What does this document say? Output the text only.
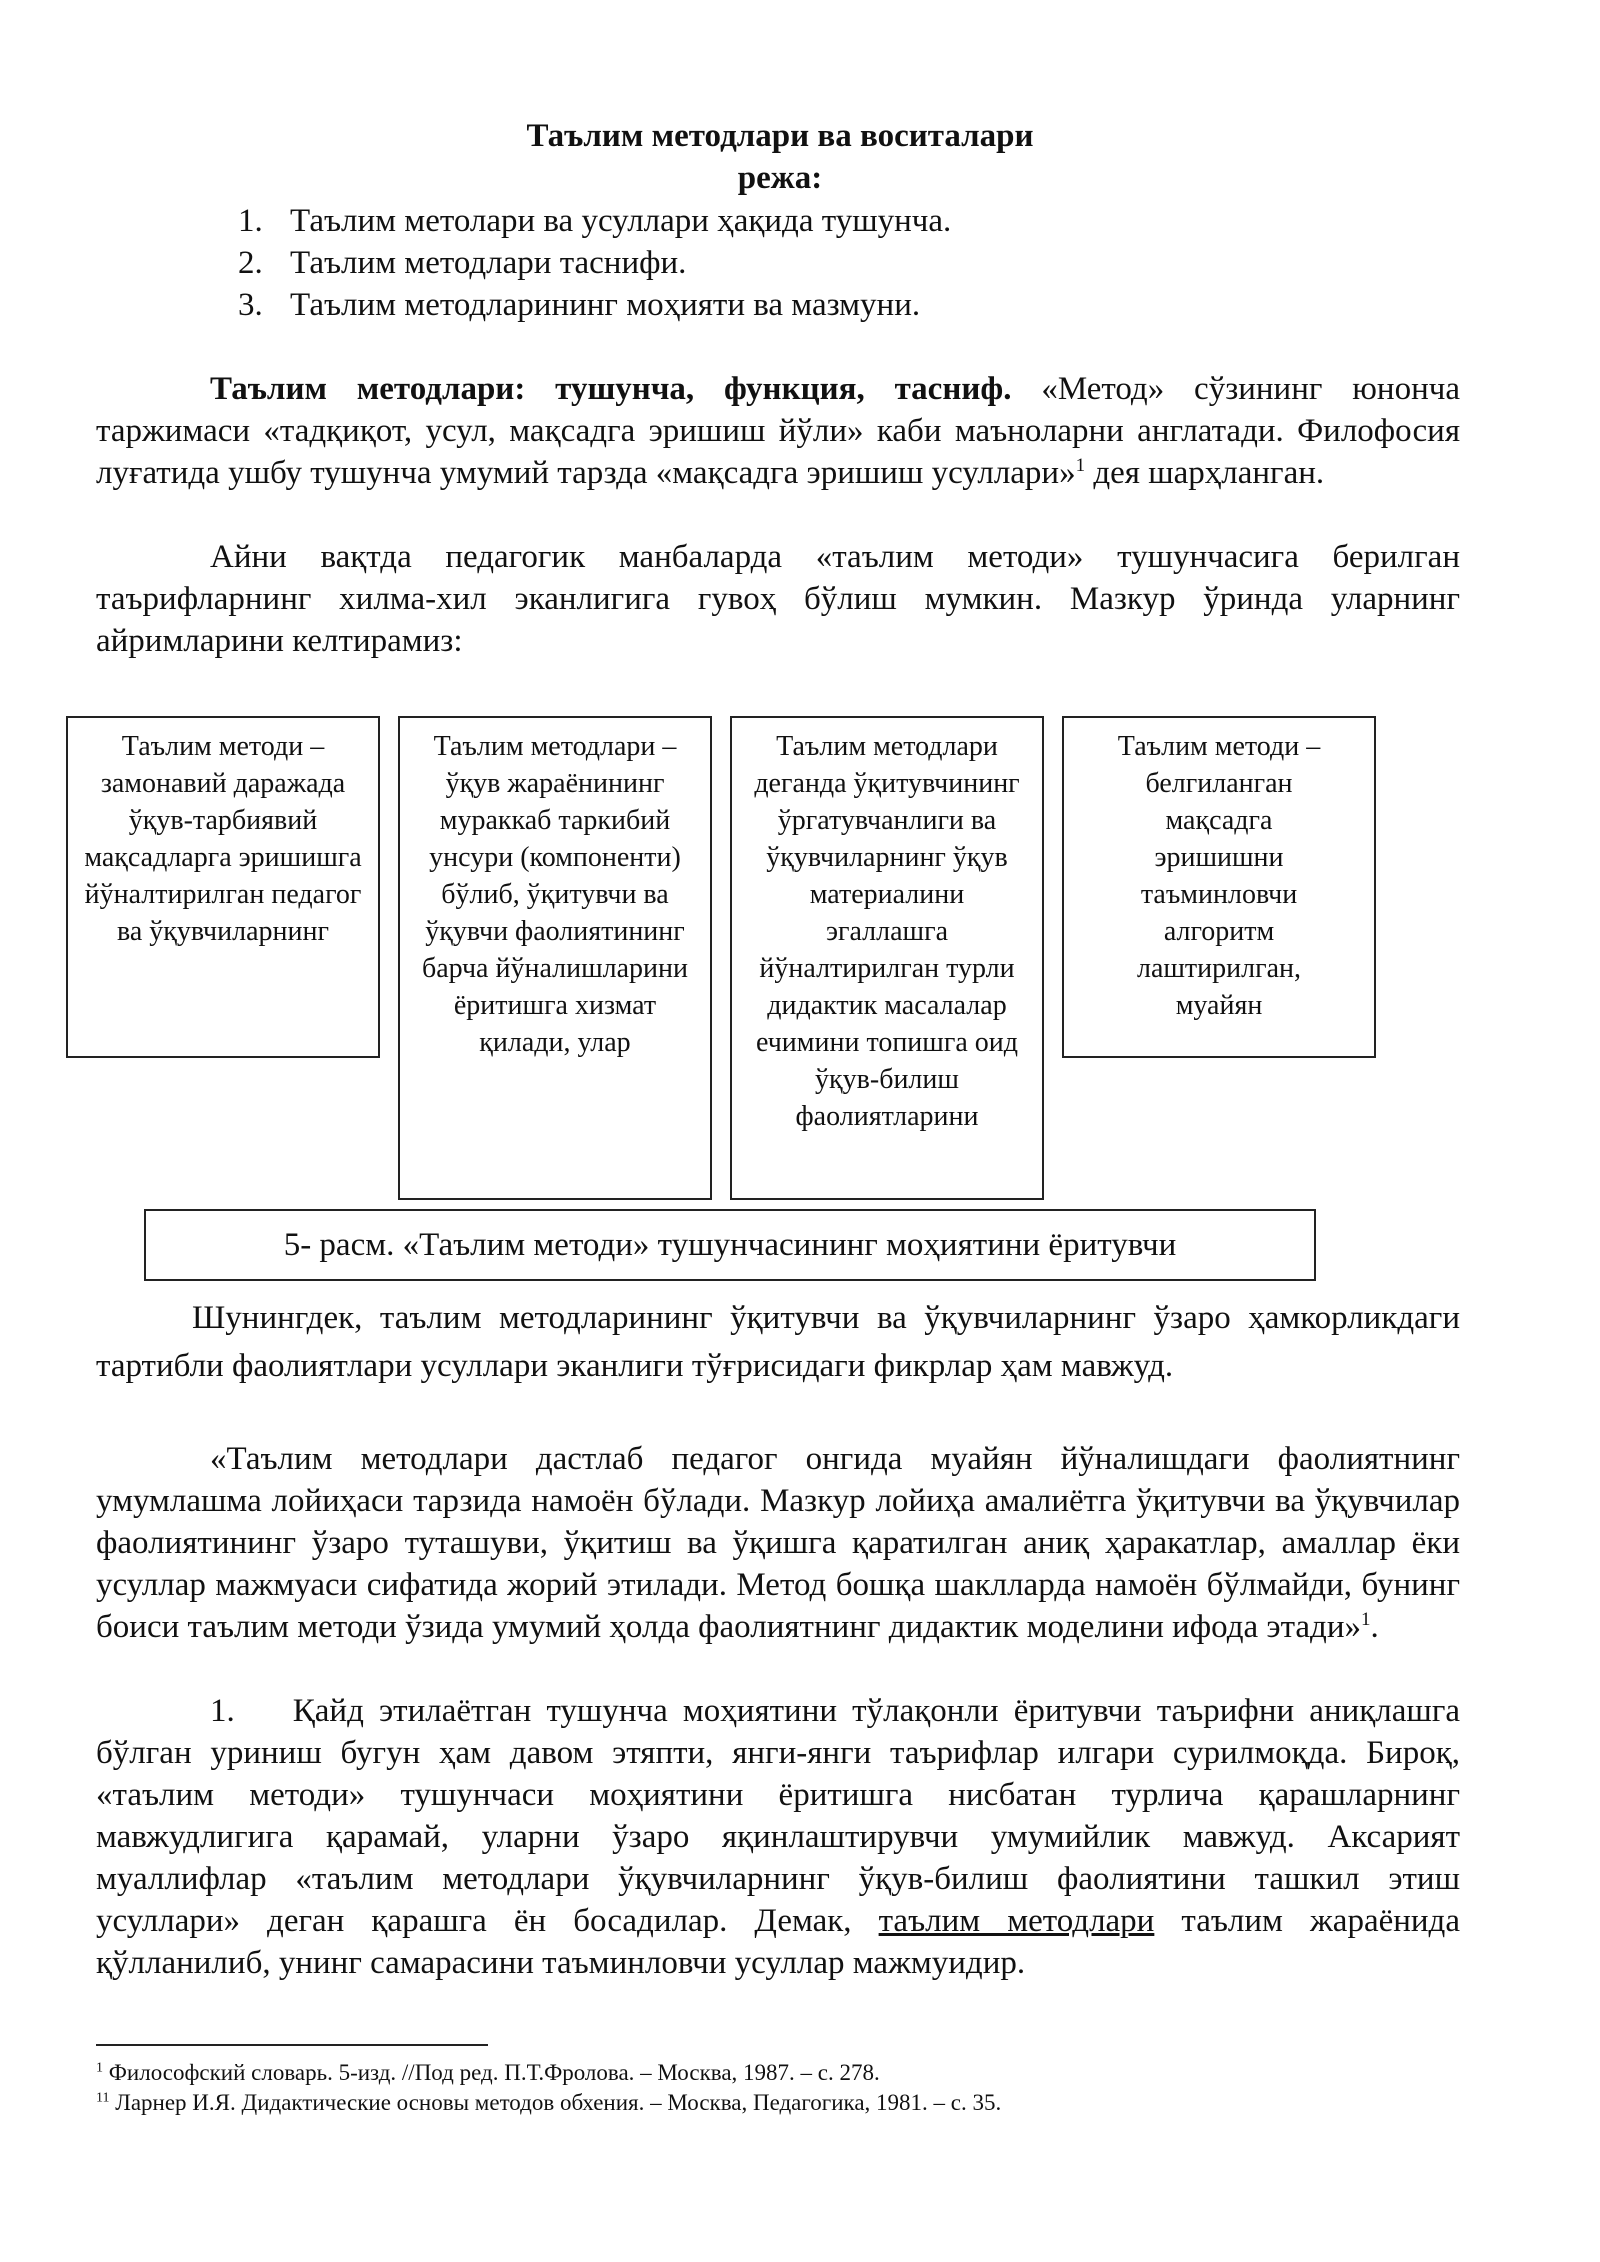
Таълим методлари ва воситалари
режа:
1. Таълим метолари ва усуллари ҳақида тушунча.
2. Таълим методлари таснифи.
3. Таълим методларининг моҳияти ва мазмуни.

Таълим методлари: тушунча, функция, тасниф. «Метод» сўзининг юнонча таржимаси «тадқиқот, усул, мақсадга эришиш йўли» каби маъноларни англатади. Филофосия луғатида ушбу тушунча умумий тарзда «мақсадга эришиш усуллари»$^1$ дея шарҳланган.

Айни вақтда педагогик манбаларда «таълим методи» тушунчасига берилган таърифларнинг хилма-хил эканлигига гувоҳ бўлиш мумкин. Мазкур ўринда уларнинг айримларини келтирамиз:

Таълим методи – замонавий даражада ўқув-тарбиявий мақсадларга эришишга йўналтирилган педагог ва ўқувчиларнинг
Таълим методлари – ўқув жараёнининг мураккаб таркибий унсури (компоненти) бўлиб, ўқитувчи ва ўқувчи фаолиятининг барча йўналишларини ёритишга хизмат қилади, улар
Таълим методлари деганда ўқитувчининг ўргатувчанлиги ва ўқувчиларнинг ўқув материалини эгаллашга йўналтирилган турли дидактик масалалар ечимини топишга оид ўқув-билиш фаолиятларини
Таълим методи – белгиланган мақсадга эришишни таъминловчи алгоритм лаштирилган, муайян
5- расм. «Таълим методи» тушунчасининг моҳиятини ёритувчи

Шунингдек, таълим методларининг ўқитувчи ва ўқувчиларнинг ўзаро ҳамкорликдаги тартибли фаолиятлари усуллари эканлиги тўғрисидаги фикрлар ҳам мавжуд.

«Таълим методлари дастлаб педагог онгида муайян йўналишдаги фаолиятнинг умумлашма лойиҳаси тарзида намоён бўлади. Мазкур лойиҳа амалиётга ўқитувчи ва ўқувчилар фаолиятининг ўзаро туташуви, ўқитиш ва ўқишга қаратилган аниқ ҳаракатлар, амаллар ёки усуллар мажмуаси сифатида жорий этилади. Метод бошқа шаклларда намоён бўлмайди, бунинг боиси таълим методи ўзида умумий ҳолда фаолиятнинг дидактик моделини ифода этади»$^1$.

1. Қайд этилаётган тушунча моҳиятини тўлақонли ёритувчи таърифни аниқлашга бўлган уриниш бугун ҳам давом этяпти, янги-янги таърифлар илгари сурилмоқда. Бироқ, «таълим методи» тушунчаси моҳиятини ёритишга нисбатан турлича қарашларнинг мавжудлигига қарамай, уларни ўзаро яқинлаштирувчи умумийлик мавжуд. Аксарият муаллифлар «таълим методлари ўқувчиларнинг ўқув-билиш фаолиятини ташкил этиш усуллари» деган қарашга ён босадилар. Демак, таълим методлари таълим жараёнида қўлланилиб, унинг самарасини таъминловчи усуллар мажмуидир.

$^1$ Философский словарь. 5-изд. //Под ред. П.Т.Фролова. – Москва, 1987. – с. 278.
$^{11}$ Ларнер И.Я. Дидактические основы методов обхения. – Москва, Педагогика, 1981. – с. 35.
